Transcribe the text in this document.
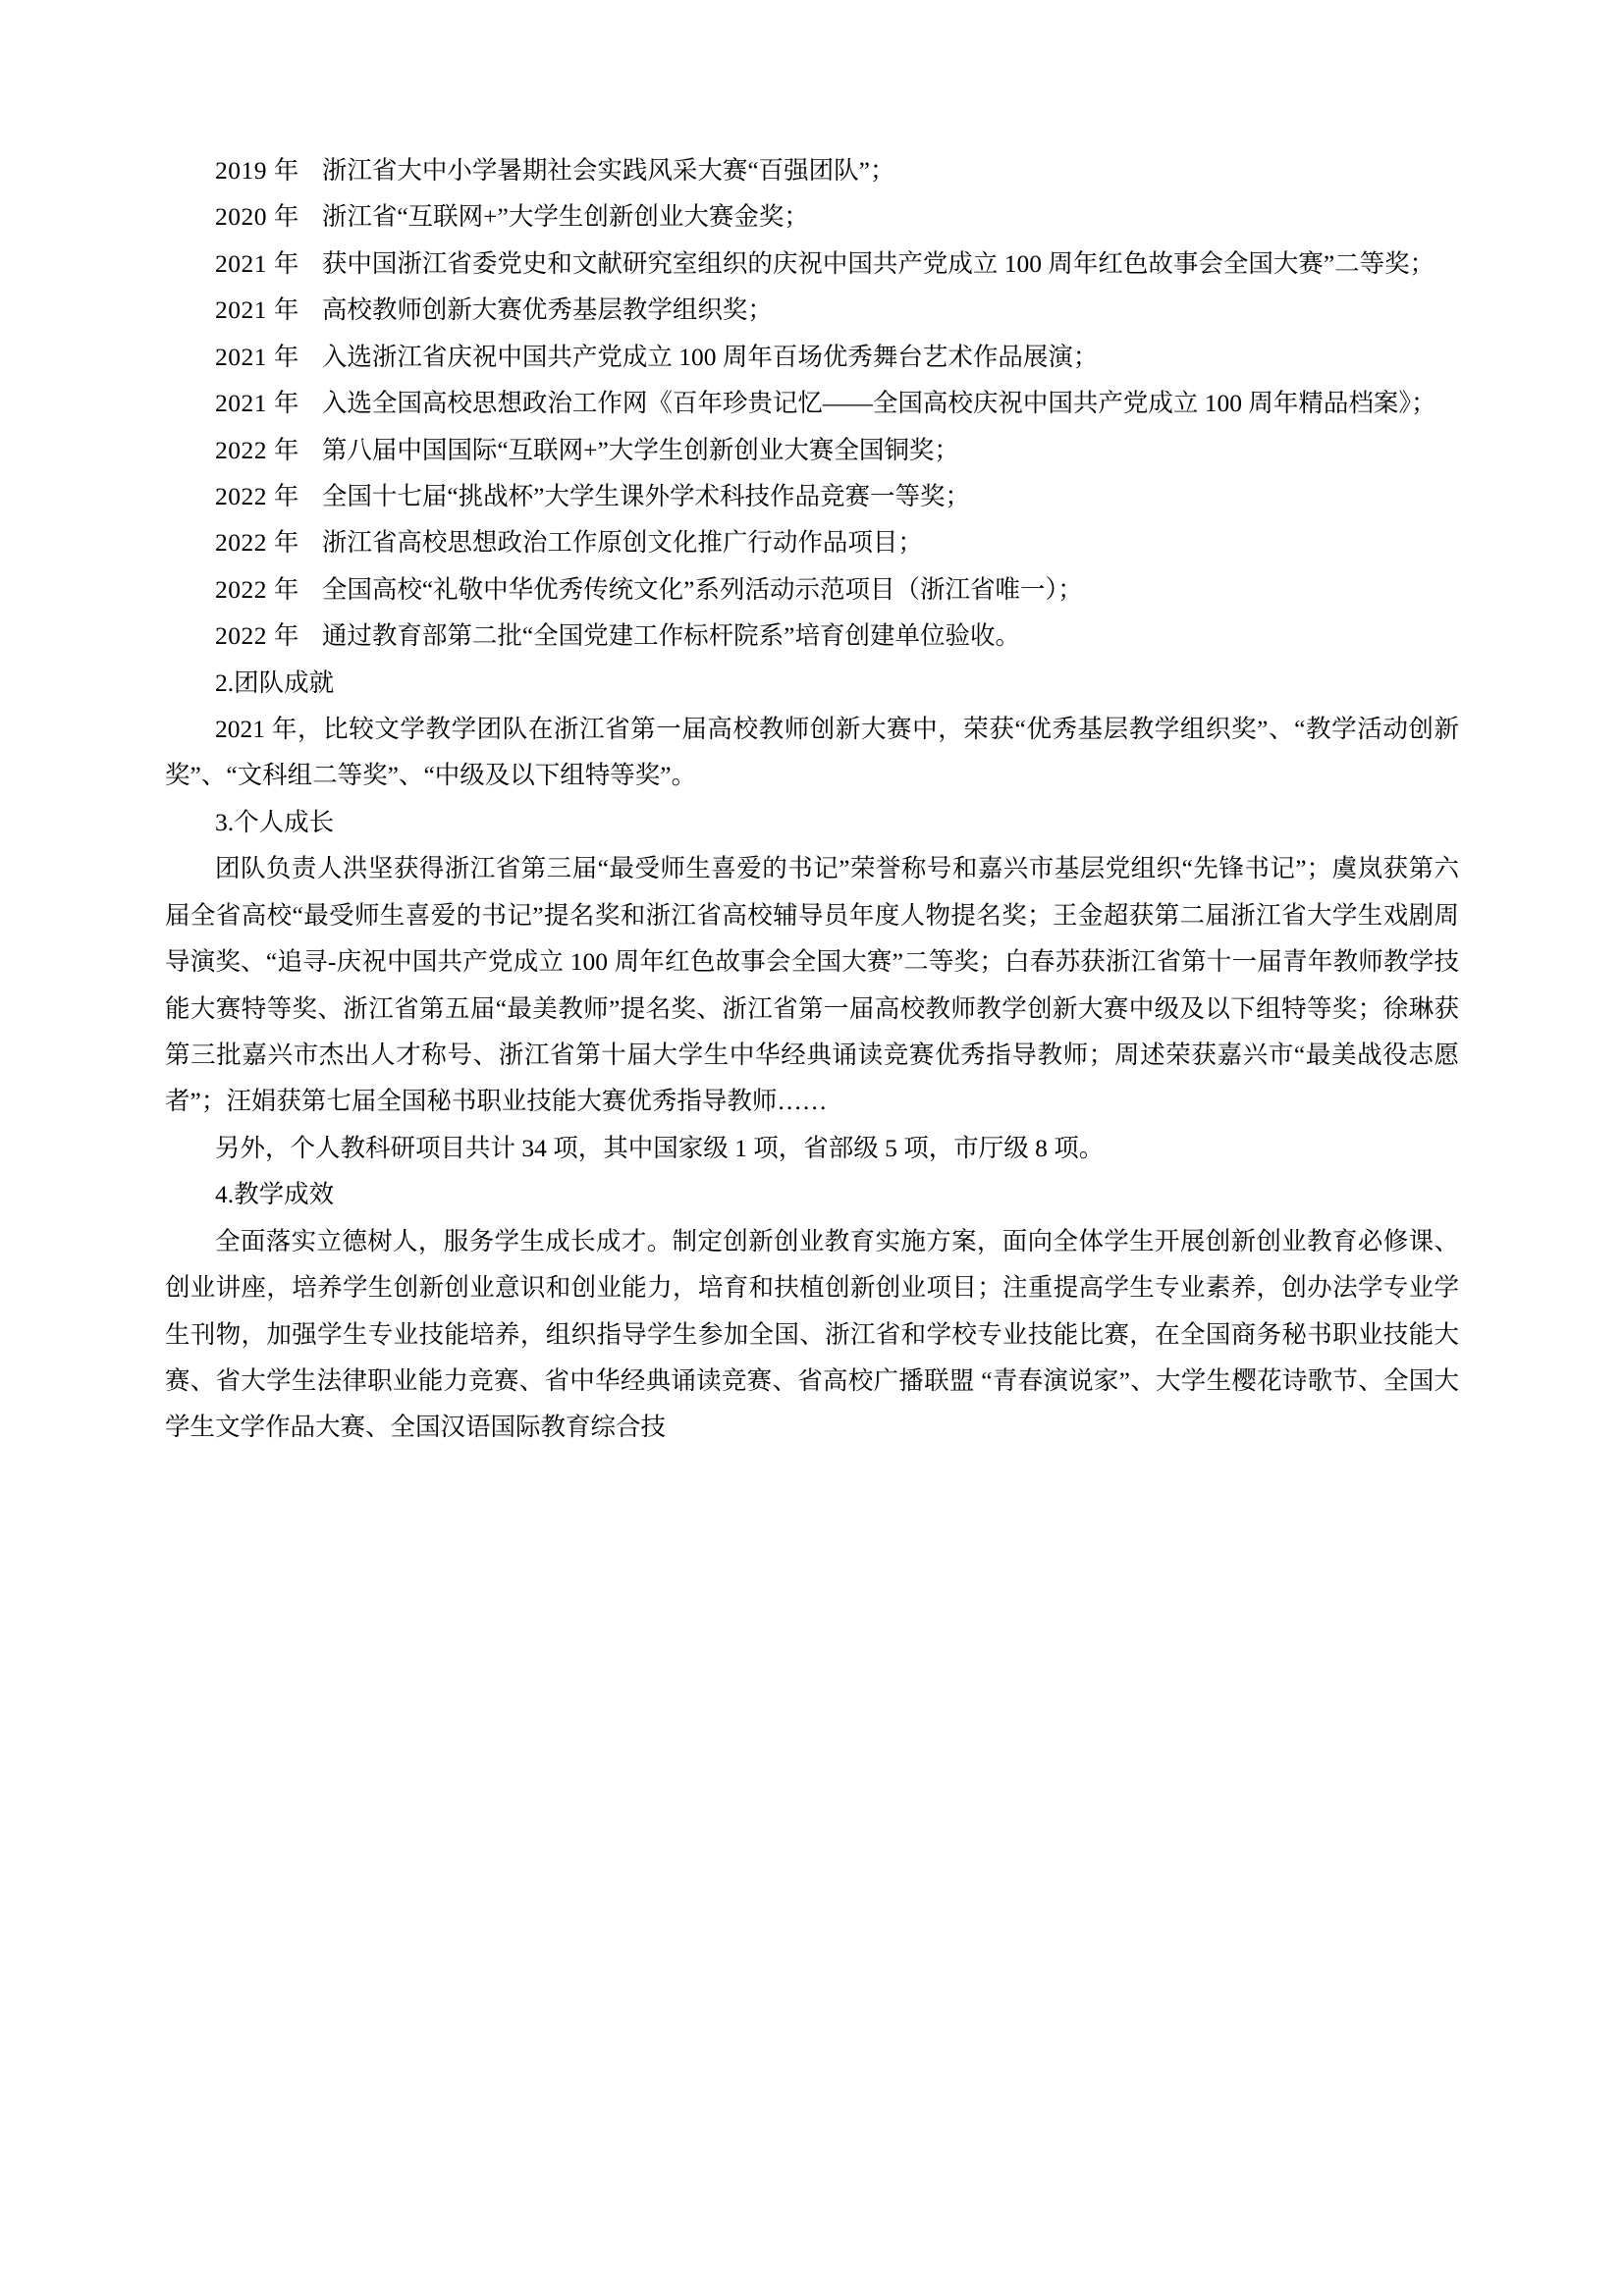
2019 年 浙江省大中小学暑期社会实践风采大赛“百强团队”；

2020 年 浙江省“互联网+”大学生创新创业大赛金奖；

2021 年 获中国浙江省委党史和文献研究室组织的庆祝中国共产党成立 100 周年红色故事会全国大赛”二等奖；

2021 年 高校教师创新大赛优秀基层教学组织奖；

2021 年 入选浙江省庆祝中国共产党成立 100 周年百场优秀舞台艺术作品展演；

2021 年 入选全国高校思想政治工作网《百年珍贵记忆——全国高校庆祝中国共产党成立 100 周年精品档案》；

2022 年 第八届中国国际“互联网+”大学生创新创业大赛全国铜奖；

2022 年 全国十七届“挑战杯”大学生课外学术科技作品竞赛一等奖；

2022 年 浙江省高校思想政治工作原创文化推广行动作品项目；

2022 年 全国高校“礼敬中华优秀传统文化”系列活动示范项目（浙江省唯一）；

2022 年 通过教育部第二批“全国党建工作标杆院系”培育创建单位验收。

2.团队成就

2021 年，比较文学教学团队在浙江省第一届高校教师创新大赛中，荣获“优秀基层教学组织奖”、“教学活动创新奖”、“文科组二等奖”、“中级及以下组特等奖”。

3.个人成长

团队负责人洪坚获得浙江省第三届“最受师生喜爱的书记”荣誉称号和嘉兴市基层党组织“先锋书记”；虞岚获第六届全省高校“最受师生喜爱的书记”提名奖和浙江省高校辅导员年度人物提名奖；王金超获第二届浙江省大学生戏剧周导演奖、“追寻-庆祝中国共产党成立 100 周年红色故事会全国大赛”二等奖；白春苏获浙江省第十一届青年教师教学技能大赛特等奖、浙江省第五届“最美教师”提名奖、浙江省第一届高校教师教学创新大赛中级及以下组特等奖；徐琳获第三批嘉兴市杰出人才称号、浙江省第十届大学生中华经典诵读竞赛优秀指导教师；周述荣获嘉兴市“最美战役志愿者”；汪娟获第七届全国秘书职业技能大赛优秀指导教师……

另外，个人教科研项目共计 34 项，其中国家级 1 项，省部级 5 项，市厅级 8 项。

4.教学成效

全面落实立德树人，服务学生成长成才。制定创新创业教育实施方案，面向全体学生开展创新创业教育必修课、创业讲座，培养学生创新创业意识和创业能力，培育和扶植创新创业项目；注重提高学生专业素养，创办法学专业学生刊物，加强学生专业技能培养，组织指导学生参加全国、浙江省和学校专业技能比赛，在全国商务秘书职业技能大赛、省大学生法律职业能力竞赛、省中华经典诵读竞赛、省高校广播联盟 “青春演说家”、大学生樱花诗歌节、全国大学生文学作品大赛、全国汉语国际教育综合技
